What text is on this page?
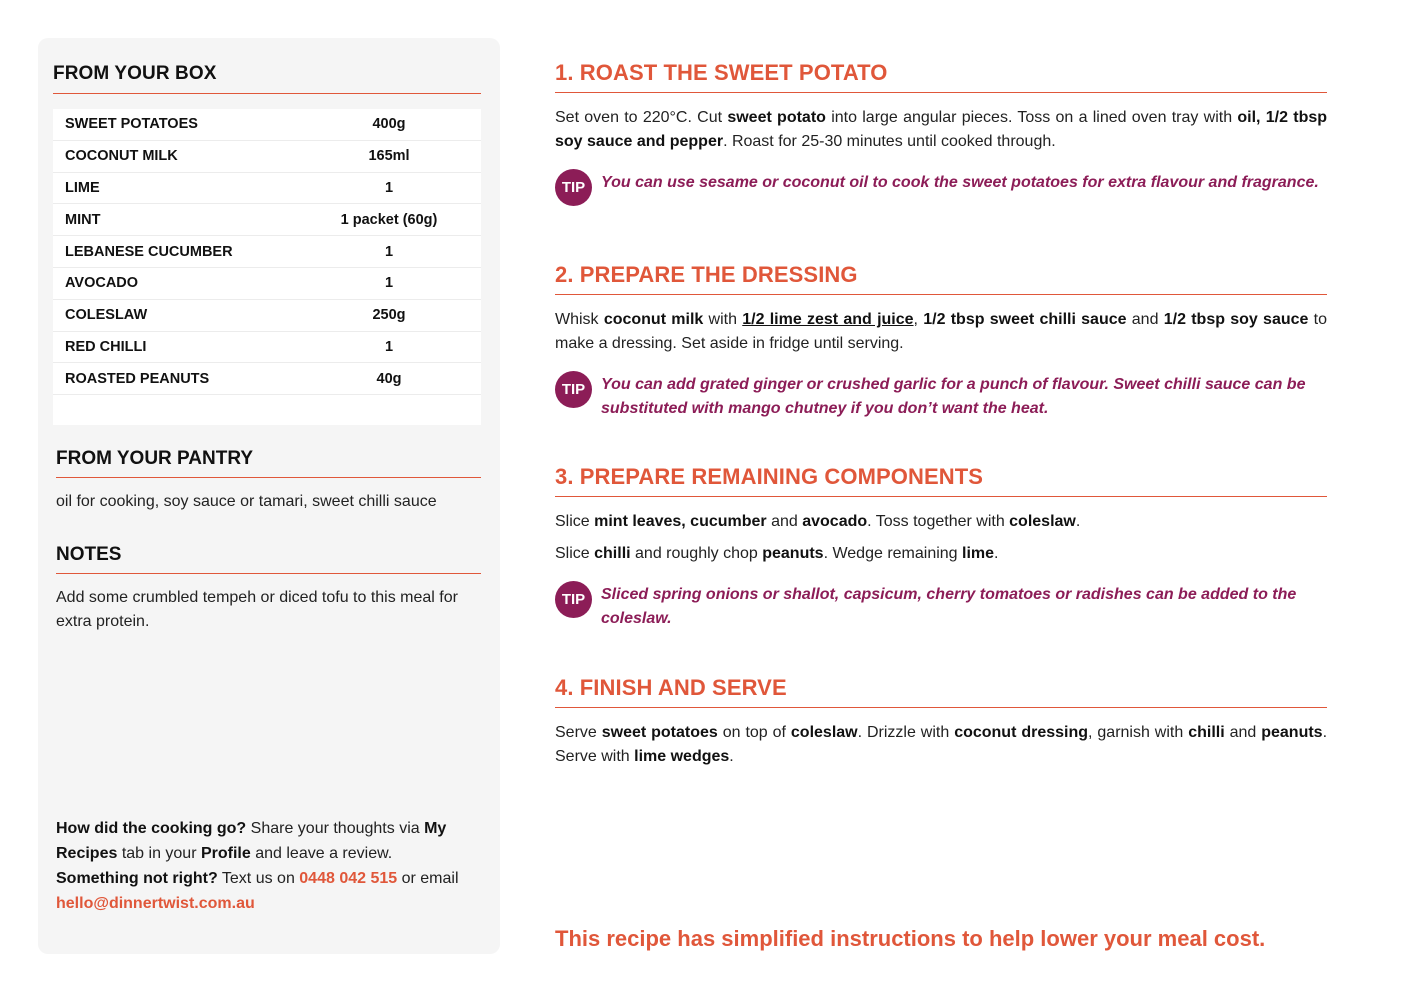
FROM YOUR BOX
SWEET POTATOES	400g
COCONUT MILK	165ml
LIME	1
MINT	1 packet (60g)
LEBANESE CUCUMBER	1
AVOCADO	1
COLESLAW	250g
RED CHILLI	1
ROASTED PEANUTS	40g
FROM YOUR PANTRY
oil for cooking, soy sauce or tamari, sweet chilli sauce
NOTES
Add some crumbled tempeh or diced tofu to this meal for extra protein.
How did the cooking go? Share your thoughts via My Recipes tab in your Profile and leave a review.
Something not right? Text us on 0448 042 515 or email hello@dinnertwist.com.au
1. ROAST THE SWEET POTATO
Set oven to 220°C. Cut sweet potato into large angular pieces. Toss on a lined oven tray with oil, 1/2 tbsp soy sauce and pepper. Roast for 25-30 minutes until cooked through.
TIP You can use sesame or coconut oil to cook the sweet potatoes for extra flavour and fragrance.
2. PREPARE THE DRESSING
Whisk coconut milk with 1/2 lime zest and juice, 1/2 tbsp sweet chilli sauce and 1/2 tbsp soy sauce to make a dressing. Set aside in fridge until serving.
TIP You can add grated ginger or crushed garlic for a punch of flavour. Sweet chilli sauce can be substituted with mango chutney if you don’t want the heat.
3. PREPARE REMAINING COMPONENTS
Slice mint leaves, cucumber and avocado. Toss together with coleslaw.
Slice chilli and roughly chop peanuts. Wedge remaining lime.
TIP Sliced spring onions or shallot, capsicum, cherry tomatoes or radishes can be added to the coleslaw.
4. FINISH AND SERVE
Serve sweet potatoes on top of coleslaw. Drizzle with coconut dressing, garnish with chilli and peanuts. Serve with lime wedges.
This recipe has simplified instructions to help lower your meal cost.
